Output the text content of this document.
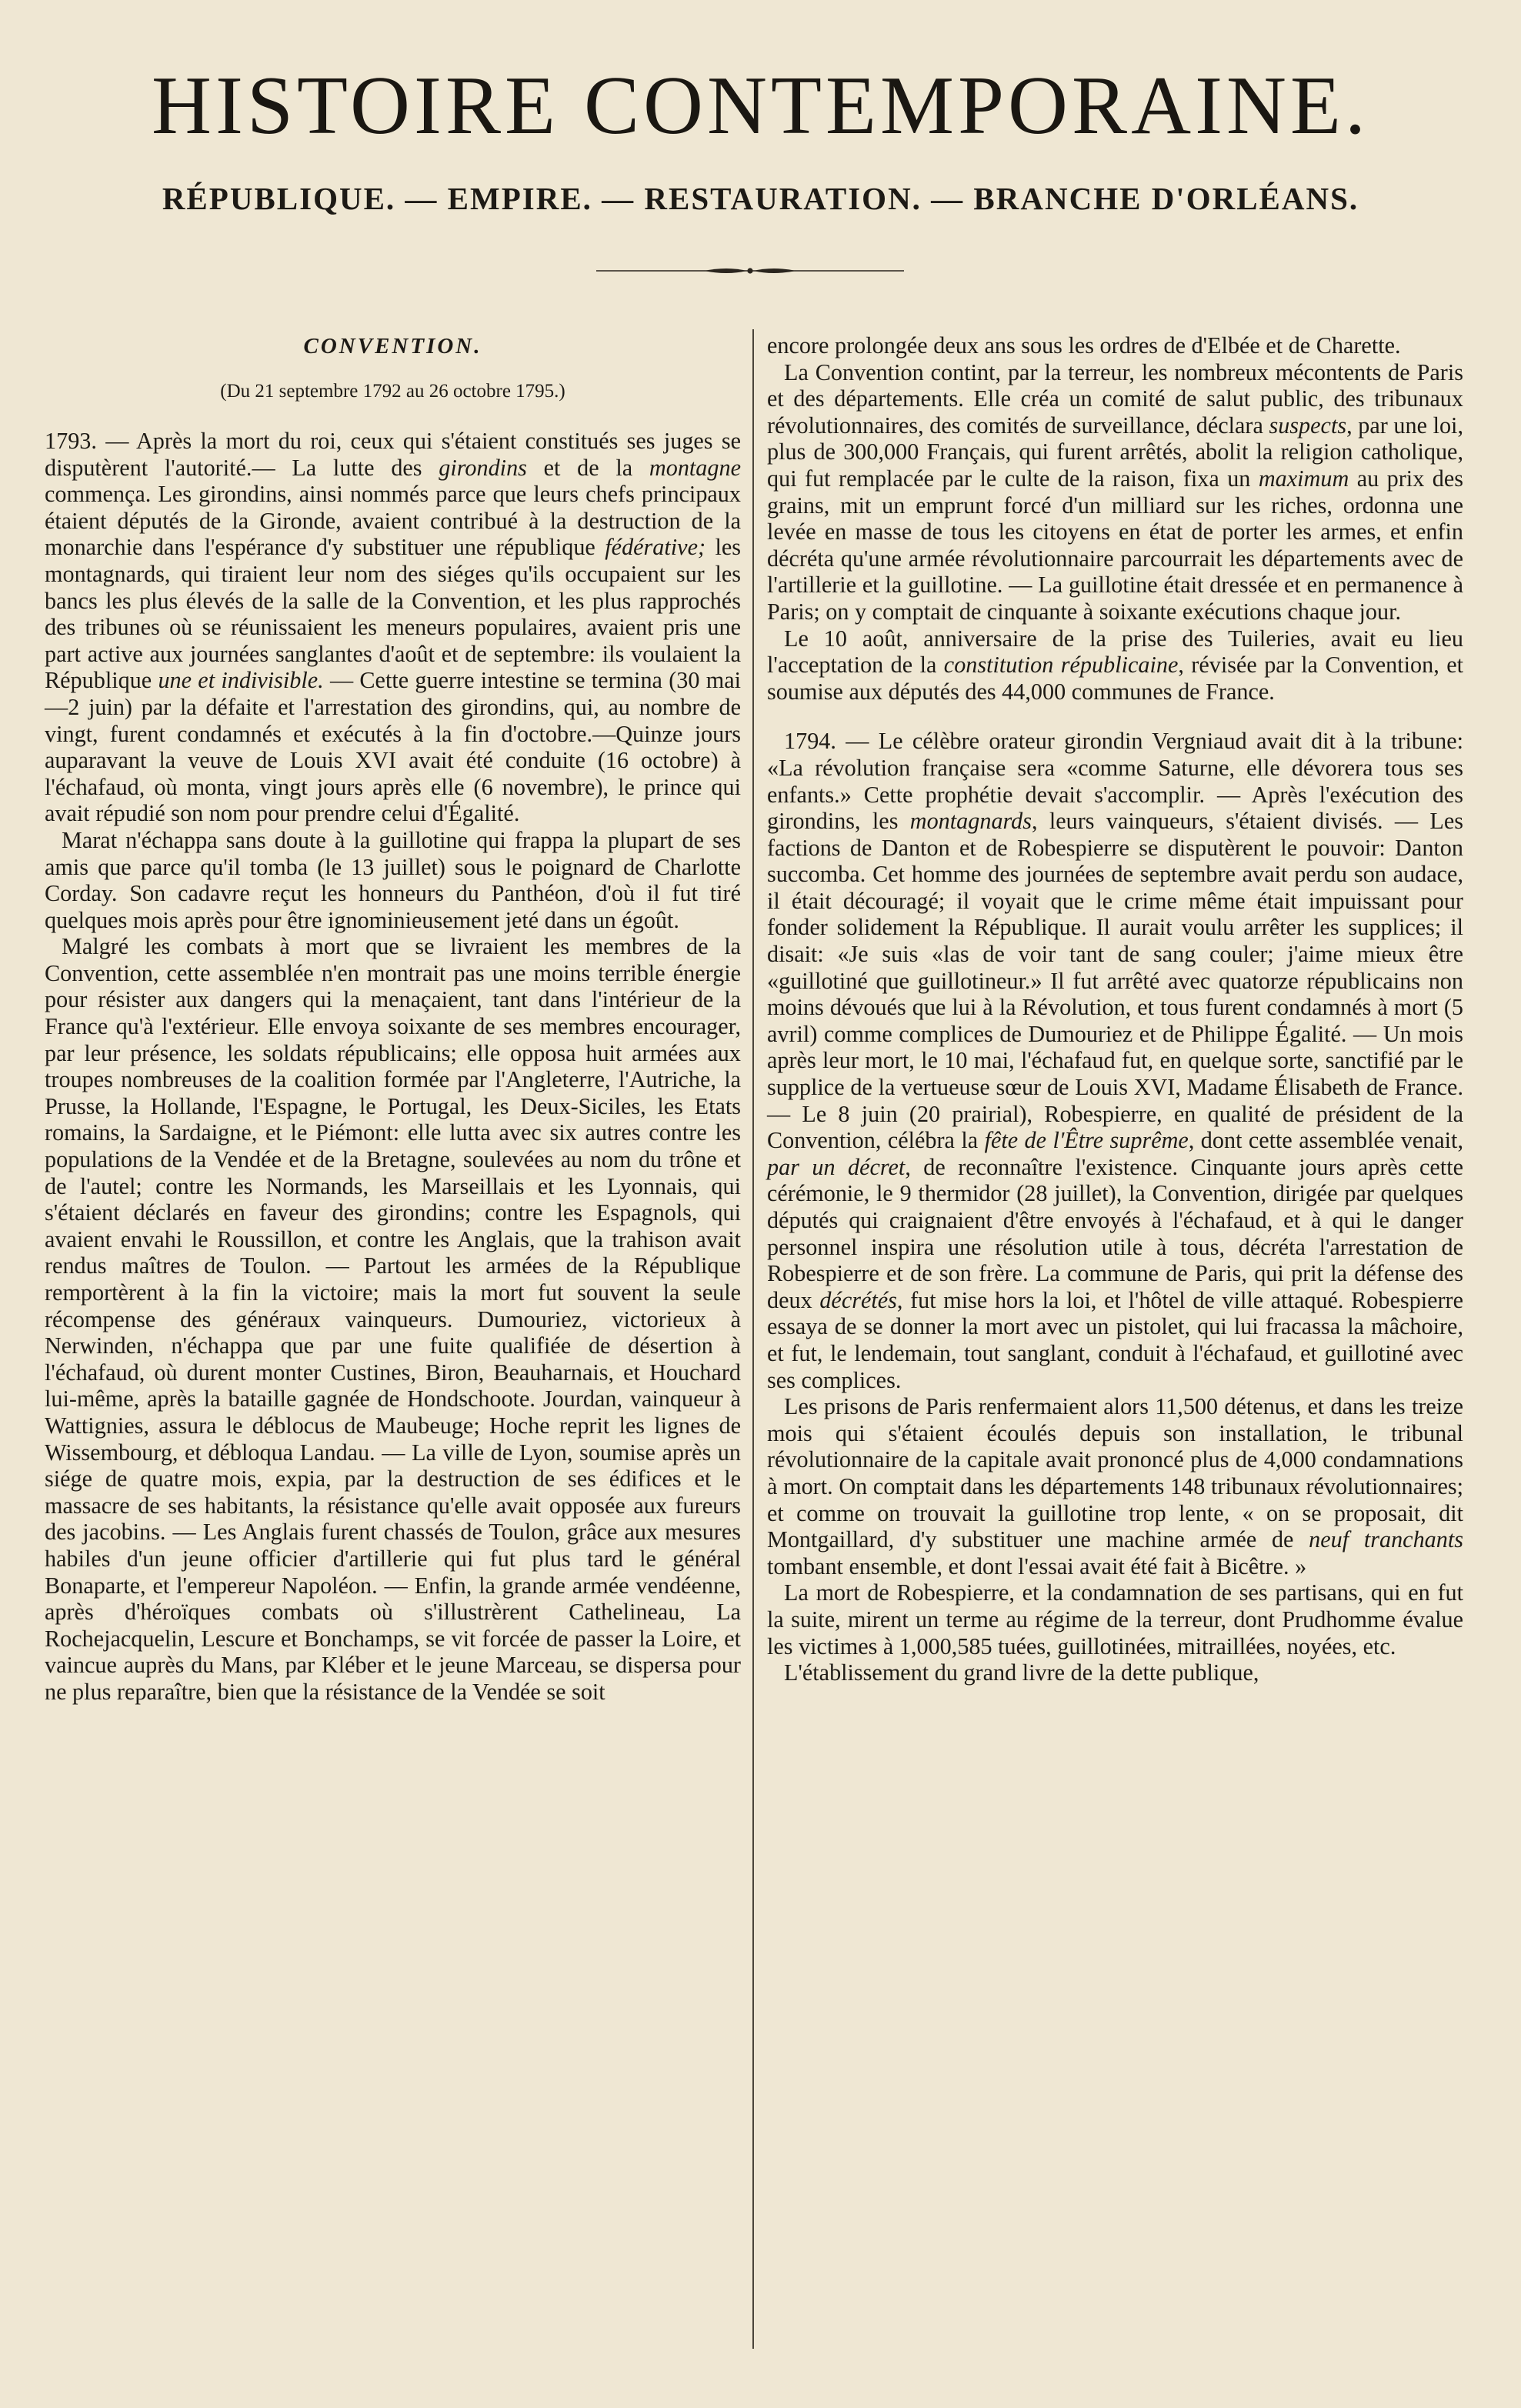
HISTOIRE CONTEMPORAINE.
RÉPUBLIQUE. — EMPIRE. — RESTAURATION. — BRANCHE D'ORLÉANS.
CONVENTION.
(Du 21 septembre 1792 au 26 octobre 1795.)

1793. — Après la mort du roi, ceux qui s'étaient constitués ses juges se disputèrent l'autorité.— La lutte des girondins et de la montagne commença. Les girondins, ainsi nommés parce que leurs chefs principaux étaient députés de la Gironde, avaient contribué à la destruction de la monarchie dans l'espérance d'y substituer une république fédérative; les montagnards, qui tiraient leur nom des siéges qu'ils occupaient sur les bancs les plus élevés de la salle de la Convention, et les plus rapprochés des tribunes où se réunissaient les meneurs populaires, avaient pris une part active aux journées sanglantes d'août et de septembre: ils voulaient la République une et indivisible. — Cette guerre intestine se termina (30 mai—2 juin) par la défaite et l'arrestation des girondins, qui, au nombre de vingt, furent condamnés et exécutés à la fin d'octobre.—Quinze jours auparavant la veuve de Louis XVI avait été conduite (16 octobre) à l'échafaud, où monta, vingt jours après elle (6 novembre), le prince qui avait répudié son nom pour prendre celui d'Égalité.

Marat n'échappa sans doute à la guillotine qui frappa la plupart de ses amis que parce qu'il tomba (le 13 juillet) sous le poignard de Charlotte Corday. Son cadavre reçut les honneurs du Panthéon, d'où il fut tiré quelques mois après pour être ignominieusement jeté dans un égoût.

Malgré les combats à mort que se livraient les membres de la Convention, cette assemblée n'en montrait pas une moins terrible énergie pour résister aux dangers qui la menaçaient, tant dans l'intérieur de la France qu'à l'extérieur. Elle envoya soixante de ses membres encourager, par leur présence, les soldats républicains; elle opposa huit armées aux troupes nombreuses de la coalition formée par l'Angleterre, l'Autriche, la Prusse, la Hollande, l'Espagne, le Portugal, les Deux-Siciles, les Etats romains, la Sardaigne, et le Piémont: elle lutta avec six autres contre les populations de la Vendée et de la Bretagne, soulevées au nom du trône et de l'autel; contre les Normands, les Marseillais et les Lyonnais, qui s'étaient déclarés en faveur des girondins; contre les Espagnols, qui avaient envahi le Roussillon, et contre les Anglais, que la trahison avait rendus maîtres de Toulon. — Partout les armées de la République remportèrent à la fin la victoire; mais la mort fut souvent la seule récompense des généraux vainqueurs. Dumouriez, victorieux à Nerwinden, n'échappa que par une fuite qualifiée de désertion à l'échafaud, où durent monter Custines, Biron, Beauharnais, et Houchard lui-même, après la bataille gagnée de Hondschoote. Jourdan, vainqueur à Wattignies, assura le déblocus de Maubeuge; Hoche reprit les lignes de Wissembourg, et débloqua Landau. — La ville de Lyon, soumise après un siége de quatre mois, expia, par la destruction de ses édifices et le massacre de ses habitants, la résistance qu'elle avait opposée aux fureurs des jacobins. — Les Anglais furent chassés de Toulon, grâce aux mesures habiles d'un jeune officier d'artillerie qui fut plus tard le général Bonaparte, et l'empereur Napoléon. — Enfin, la grande armée vendéenne, après d'héroïques combats où s'illustrèrent Cathelineau, La Rochejacquelin, Lescure et Bonchamps, se vit forcée de passer la Loire, et vaincue auprès du Mans, par Kléber et le jeune Marceau, se dispersa pour ne plus reparaître, bien que la résistance de la Vendée se soit

encore prolongée deux ans sous les ordres de d'Elbée et de Charette.

La Convention contint, par la terreur, les nombreux mécontents de Paris et des départements. Elle créa un comité de salut public, des tribunaux révolutionnaires, des comités de surveillance, déclara suspects, par une loi, plus de 300,000 Français, qui furent arrêtés, abolit la religion catholique, qui fut remplacée par le culte de la raison, fixa un maximum au prix des grains, mit un emprunt forcé d'un milliard sur les riches, ordonna une levée en masse de tous les citoyens en état de porter les armes, et enfin décréta qu'une armée révolutionnaire parcourrait les départements avec de l'artillerie et la guillotine. — La guillotine était dressée et en permanence à Paris; on y comptait de cinquante à soixante exécutions chaque jour.

Le 10 août, anniversaire de la prise des Tuileries, avait eu lieu l'acceptation de la constitution républicaine, révisée par la Convention, et soumise aux députés des 44,000 communes de France.

1794. — Le célèbre orateur girondin Vergniaud avait dit à la tribune: «La révolution française sera «comme Saturne, elle dévorera tous ses enfants.» Cette prophétie devait s'accomplir. — Après l'exécution des girondins, les montagnards, leurs vainqueurs, s'étaient divisés. — Les factions de Danton et de Robespierre se disputèrent le pouvoir: Danton succomba. Cet homme des journées de septembre avait perdu son audace, il était découragé; il voyait que le crime même était impuissant pour fonder solidement la République. Il aurait voulu arrêter les supplices; il disait: «Je suis «las de voir tant de sang couler; j'aime mieux être «guillotiné que guillotineur.» Il fut arrêté avec quatorze républicains non moins dévoués que lui à la Révolution, et tous furent condamnés à mort (5 avril) comme complices de Dumouriez et de Philippe Égalité. — Un mois après leur mort, le 10 mai, l'échafaud fut, en quelque sorte, sanctifié par le supplice de la vertueuse sœur de Louis XVI, Madame Élisabeth de France. — Le 8 juin (20 prairial), Robespierre, en qualité de président de la Convention, célébra la fête de l'Être suprême, dont cette assemblée venait, par un décret, de reconnaître l'existence. Cinquante jours après cette cérémonie, le 9 thermidor (28 juillet), la Convention, dirigée par quelques députés qui craignaient d'être envoyés à l'échafaud, et à qui le danger personnel inspira une résolution utile à tous, décréta l'arrestation de Robespierre et de son frère. La commune de Paris, qui prit la défense des deux décrétés, fut mise hors la loi, et l'hôtel de ville attaqué. Robespierre essaya de se donner la mort avec un pistolet, qui lui fracassa la mâchoire, et fut, le lendemain, tout sanglant, conduit à l'échafaud, et guillotiné avec ses complices.

Les prisons de Paris renfermaient alors 11,500 détenus, et dans les treize mois qui s'étaient écoulés depuis son installation, le tribunal révolutionnaire de la capitale avait prononcé plus de 4,000 condamnations à mort. On comptait dans les départements 148 tribunaux révolutionnaires; et comme on trouvait la guillotine trop lente, « on se proposait, dit Montgaillard, d'y substituer une machine armée de neuf tranchants tombant ensemble, et dont l'essai avait été fait à Bicêtre. »

La mort de Robespierre, et la condamnation de ses partisans, qui en fut la suite, mirent un terme au régime de la terreur, dont Prudhomme évalue les victimes à 1,000,585 tuées, guillotinées, mitraillées, noyées, etc.

L'établissement du grand livre de la dette publique,
